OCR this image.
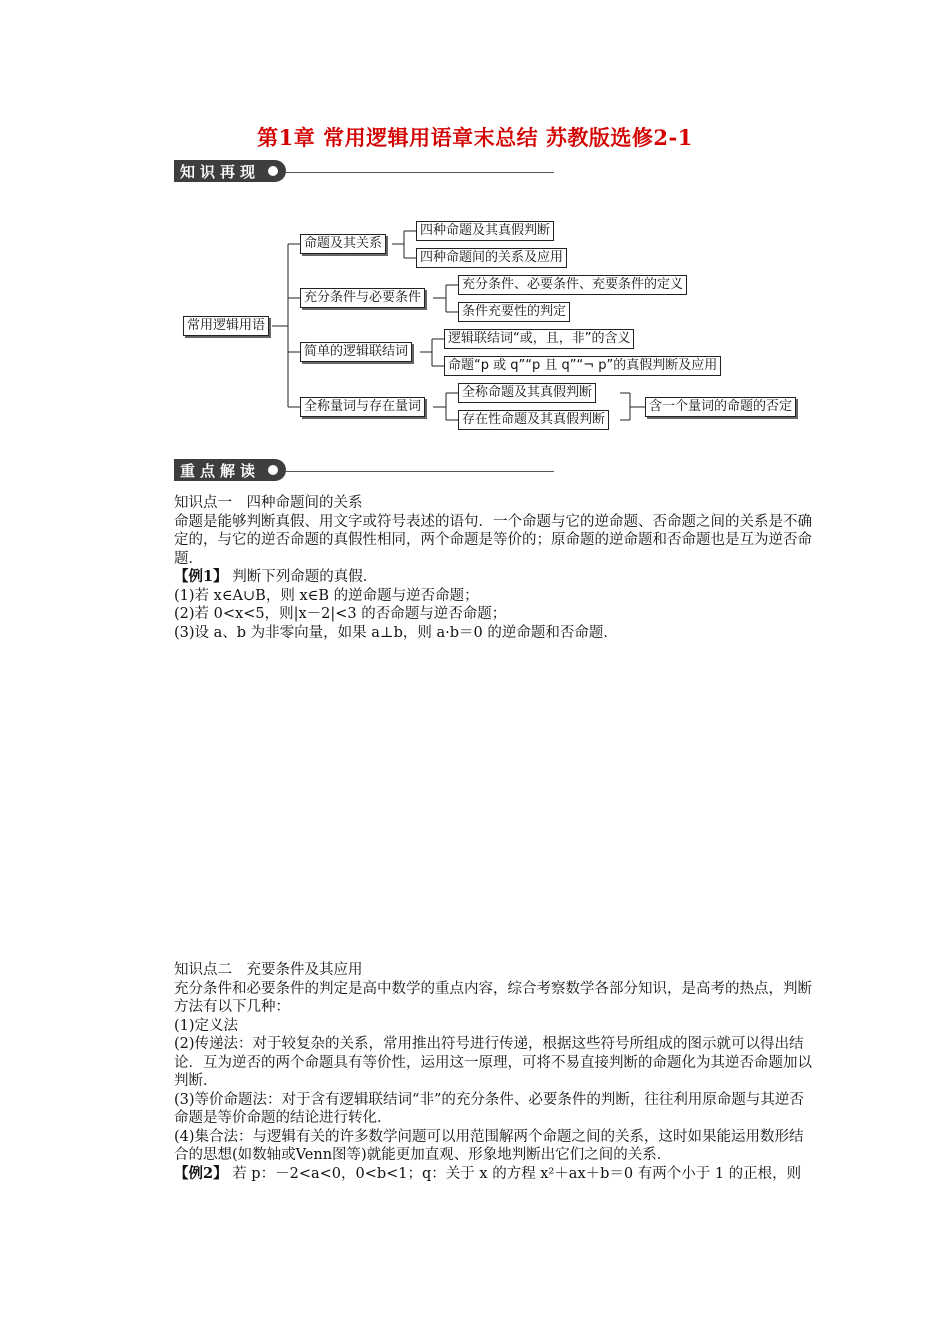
第1章 常用逻辑用语章末总结 苏教版选修2-1
知识再现
常用逻辑用语
命题及其关系
四种命题及其真假判断
四种命题间的关系及应用
充分条件与必要条件
充分条件、必要条件、充要条件的定义
条件充要性的判定
简单的逻辑联结词
逻辑联结词“或，且，非”的含义
命题“p 或 q”“p 且 q”“¬ p”的真假判断及应用
全称量词与存在量词
全称命题及其真假判断
存在性命题及其真假判断
含一个量词的命题的否定
重点解读

知识点一　四种命题间的关系

命题是能够判断真假、用文字或符号表述的语句．一个命题与它的逆命题、否命题之间的关系是不确定的，与它的逆否命题的真假性相同，两个命题是等价的；原命题的逆命题和否命题也是互为逆否命题．

【例1】 判断下列命题的真假．

(1)若 x∈A∪B，则 x∈B 的逆命题与逆否命题；

(2)若 0<x<5，则|x－2|<3 的否命题与逆否命题；

(3)设 a、b 为非零向量，如果 a⊥b，则 a·b＝0 的逆命题和否命题．

知识点二　充要条件及其应用

充分条件和必要条件的判定是高中数学的重点内容，综合考察数学各部分知识，是高考的热点，判断方法有以下几种：

(1)定义法

(2)传递法：对于较复杂的关系，常用推出符号进行传递，根据这些符号所组成的图示就可以得出结论．互为逆否的两个命题具有等价性，运用这一原理，可将不易直接判断的命题化为其逆否命题加以判断．

(3)等价命题法：对于含有逻辑联结词“非”的充分条件、必要条件的判断，往往利用原命题与其逆否命题是等价命题的结论进行转化．

(4)集合法：与逻辑有关的许多数学问题可以用范围解两个命题之间的关系，这时如果能运用数形结合的思想(如数轴或Venn图等)就能更加直观、形象地判断出它们之间的关系．

【例2】 若 p：－2<a<0，0<b<1；q：关于 x 的方程 x²＋ax＋b＝0 有两个小于 1 的正根，则
